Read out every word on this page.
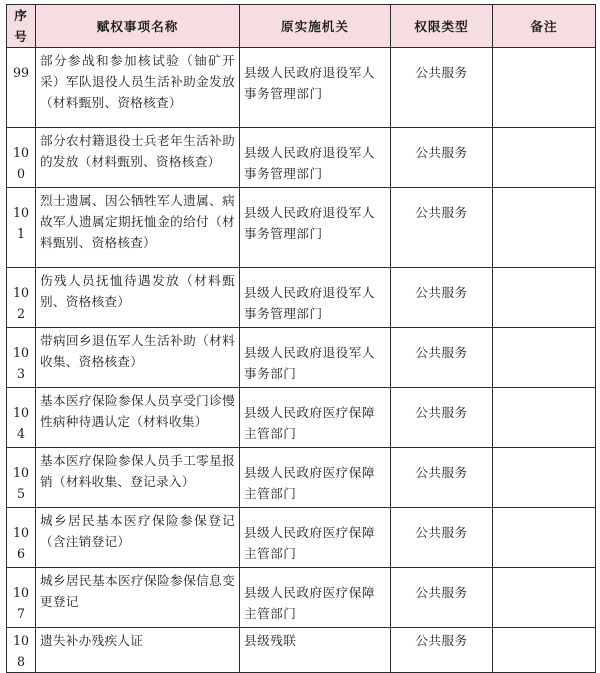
序号	赋权事项名称	原实施机关	权限类型	备注
99	部分参战和参加核试验（铀矿开采）军队退役人员生活补助金发放（材料甄别、资格核查）	县级人民政府退役军人事务管理部门	公共服务	
100	部分农村籍退役士兵老年生活补助的发放（材料甄别、资格核查）	县级人民政府退役军人事务管理部门	公共服务	
101	烈士遗属、因公牺牲军人遗属、病故军人遗属定期抚恤金的给付（材料甄别、资格核查）	县级人民政府退役军人事务管理部门	公共服务	
102	伤残人员抚恤待遇发放（材料甄别、资格核查）	县级人民政府退役军人事务管理部门	公共服务	
103	带病回乡退伍军人生活补助（材料收集、资格核查）	县级人民政府退役军人事务部门	公共服务	
104	基本医疗保险参保人员享受门诊慢性病种待遇认定（材料收集）	县级人民政府医疗保障主管部门	公共服务	
105	基本医疗保险参保人员手工零星报销（材料收集、登记录入）	县级人民政府医疗保障主管部门	公共服务	
106	城乡居民基本医疗保险参保登记（含注销登记）	县级人民政府医疗保障主管部门	公共服务	
107	城乡居民基本医疗保险参保信息变更登记	县级人民政府医疗保障主管部门	公共服务	
108	遗失补办残疾人证	县级残联	公共服务	
